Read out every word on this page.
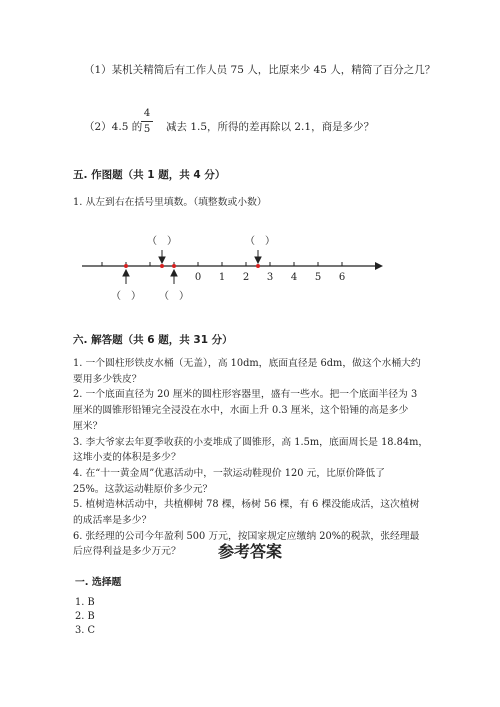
（1）某机关精简后有工作人员 75 人，比原来少 45 人，精简了百分之几？
（2）4.5 的
4
5 减去 1.5，所得的差再除以 2.1，商是多少？
五. 作图题（共 1 题，共 4 分）
1. 从左到右在括号里填数。（填整数或小数）
0 1 2 3 4 5 6
（　）	（　）
（　） （　）
六. 解答题（共 6 题，共 31 分）
1. 一个圆柱形铁皮水桶（无盖），高 10dm，底面直径是 6dm，做这个水桶大约
要用多少铁皮？
2. 一个底面直径为 20 厘米的圆柱形容器里，盛有一些水。把一个底面半径为 3
厘米的圆锥形铅锤完全浸没在水中，水面上升 0.3 厘米，这个铅锤的高是多少
厘米？
3. 李大爷家去年夏季收获的小麦堆成了圆锥形，高 1.5m，底面周长是 18.84m，
这堆小麦的体积是多少？
4. 在“十一黄金周”优惠活动中，一款运动鞋现价 120 元，比原价降低了
25%。这款运动鞋原价多少元？
5. 植树造林活动中，共植柳树 78 棵，杨树 56 棵，有 6 棵没能成活，这次植树
的成活率是多少？
6. 张经理的公司今年盈利 500 万元，按国家规定应缴纳 20%的税款，张经理最
后应得利益是多少万元？	参考答案
一. 选择题
1. B
2. B
3. C
